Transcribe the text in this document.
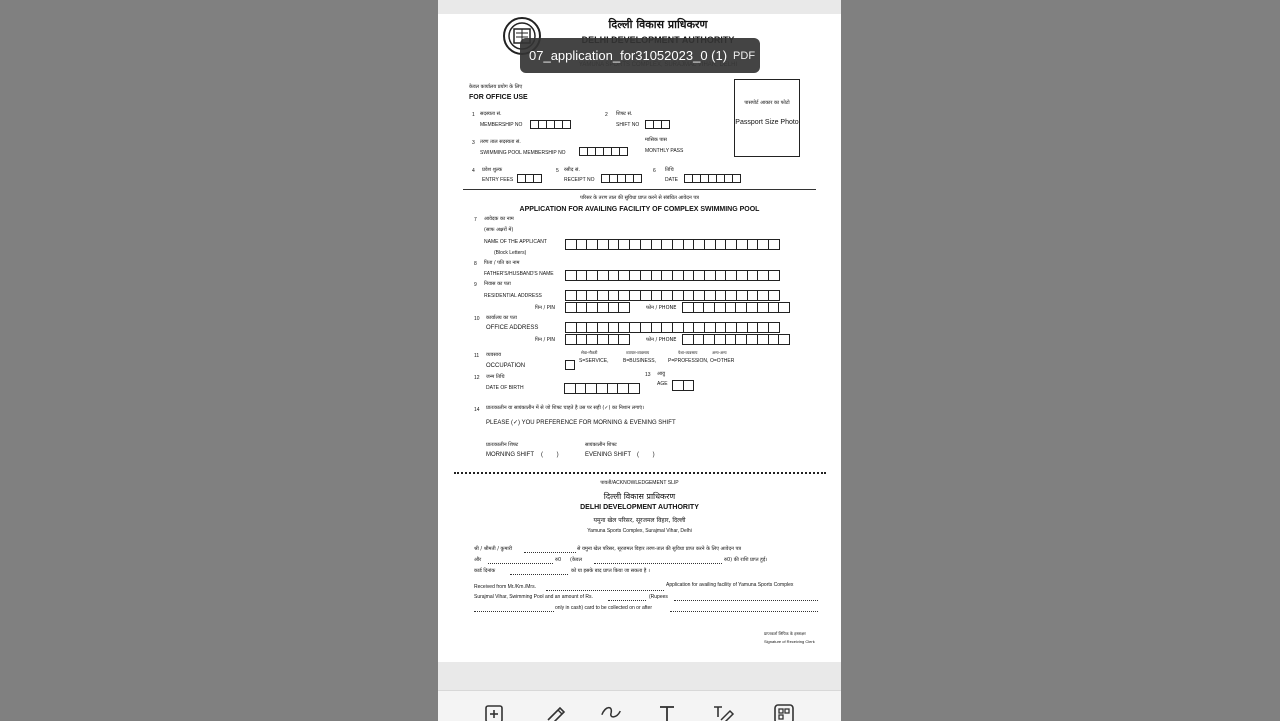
दिल्ली विकास प्राधिकरण
केवल कार्यालय प्रयोग के लिए
FOR OFFICE USE
1 सदस्यता सं.
MEMBERSHIP NO
2 शिफ्ट सं.
SHIFT NO
3 तरण ताल सदस्यता सं.
SWIMMING POOL MEMBERSHIP NO
मासिक पास
MONTHLY PASS
4 प्रवेश शुल्क
ENTRY FEES
5 रसीद सं.
RECEIPT NO
6 तिथि
DATE
पासपोर्ट आकार का फोटो
Passport Size Photo
परिसर के तरण ताल की सुविधा प्राप्त करने से संबंधित आवेदन पत्र
APPLICATION FOR AVAILING FACILITY OF COMPLEX SWIMMING POOL
7 आवेदक का नाम
(साफ अक्षरों में)
NAME OF THE APPLICANT
(Block Letters)
8 पिता / पति का नाम
FATHER'S/HUSBAND'S NAME
9 निवास का पता
RESIDENTIAL ADDRESS
पिन / PIN	फोन / PHONE
10 कार्यालय का पता
OFFICE ADDRESS
पिन / PIN	फोन / PHONE
11 व्यवसाय
OCCUPATION
सेवा-नौकरी
S=SERVICE,
व्यापार-व्यवसाय
B=BUSINESS,
पेशा-व्यवसाय
P=PROFESSION,
अन्य-अन्य
O=OTHER
12 जन्म तिथि
DATE OF BIRTH
13 आयु
AGE
14 प्रातःकालीन या सायंकालीन में से जो शिफ्ट चाहते है उस पर सही (✓) का निशान लगाएं।
PLEASE (✓) YOU PREFERENCE FOR MORNING & EVENING SHIFT
प्रातःकालीन शिफ्ट
MORNING SHIFT ( )
सायंकालीन शिफ्ट
EVENING SHIFT ( )
पावती/ACKNOWLEDGEMENT SLIP
दिल्ली विकास प्राधिकरण
DELHI DEVELOPMENT AUTHORITY
यमुना खेल परिसर, सूरजमल विहार, दिल्ली
Yamuna Sports Complex, Surajmal Vihar, Delhi
श्री / श्रीमती / कुमारी	से यमुना खेल परिसर, सूरजमल विहार तरण-ताल की सुविधा प्राप्त करने के लिए आवेदन पत्र
और	रु0 (केवल	रु0) की राशि प्राप्त हुई।
कार्ड दिनांक	को या इसके बाद प्राप्त किया जा सकता है ।
Received from Mr./Km./Mrs.	Application for availing facility of Yamuna Sports Complex
Surajmal Vihar, Swimming Pool and an amount of Rs.	(Rupees
only in cash) card to be collected on or after
प्राप्तकर्ता लिपिक के हस्ताक्षर
Signature of Receiving Clerk
07_application_for31052023_0 (1) PDF
